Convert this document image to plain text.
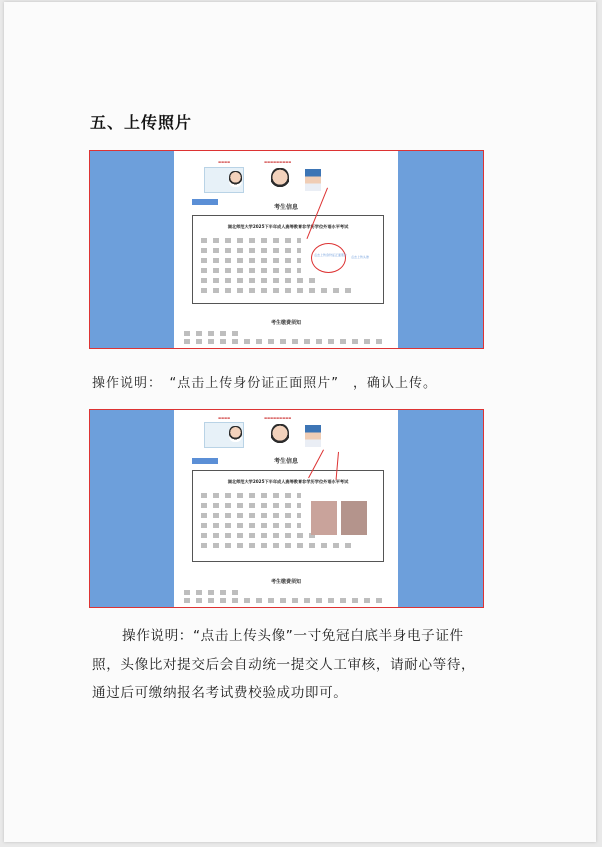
五、上传照片
▬▬▬▬	▬▬▬▬▬▬▬▬▬

考生信息
湖北师范大学2025下半年成人高等教育非学历学位外语水平考试
点击上传身份证正面照片 点击上传头像
考生缴费须知
操作说明：　“点击上传身份证正面照片”　，确认上传。
▬▬▬▬	▬▬▬▬▬▬▬▬▬

考生信息
湖北师范大学2025下半年成人高等教育非学历学位外语水平考试
考生缴费须知
操作说明：“点击上传头像”一寸免冠白底半身电子证件
照，头像比对提交后会自动统一提交人工审核，请耐心等待，
通过后可缴纳报名考试费校验成功即可。
